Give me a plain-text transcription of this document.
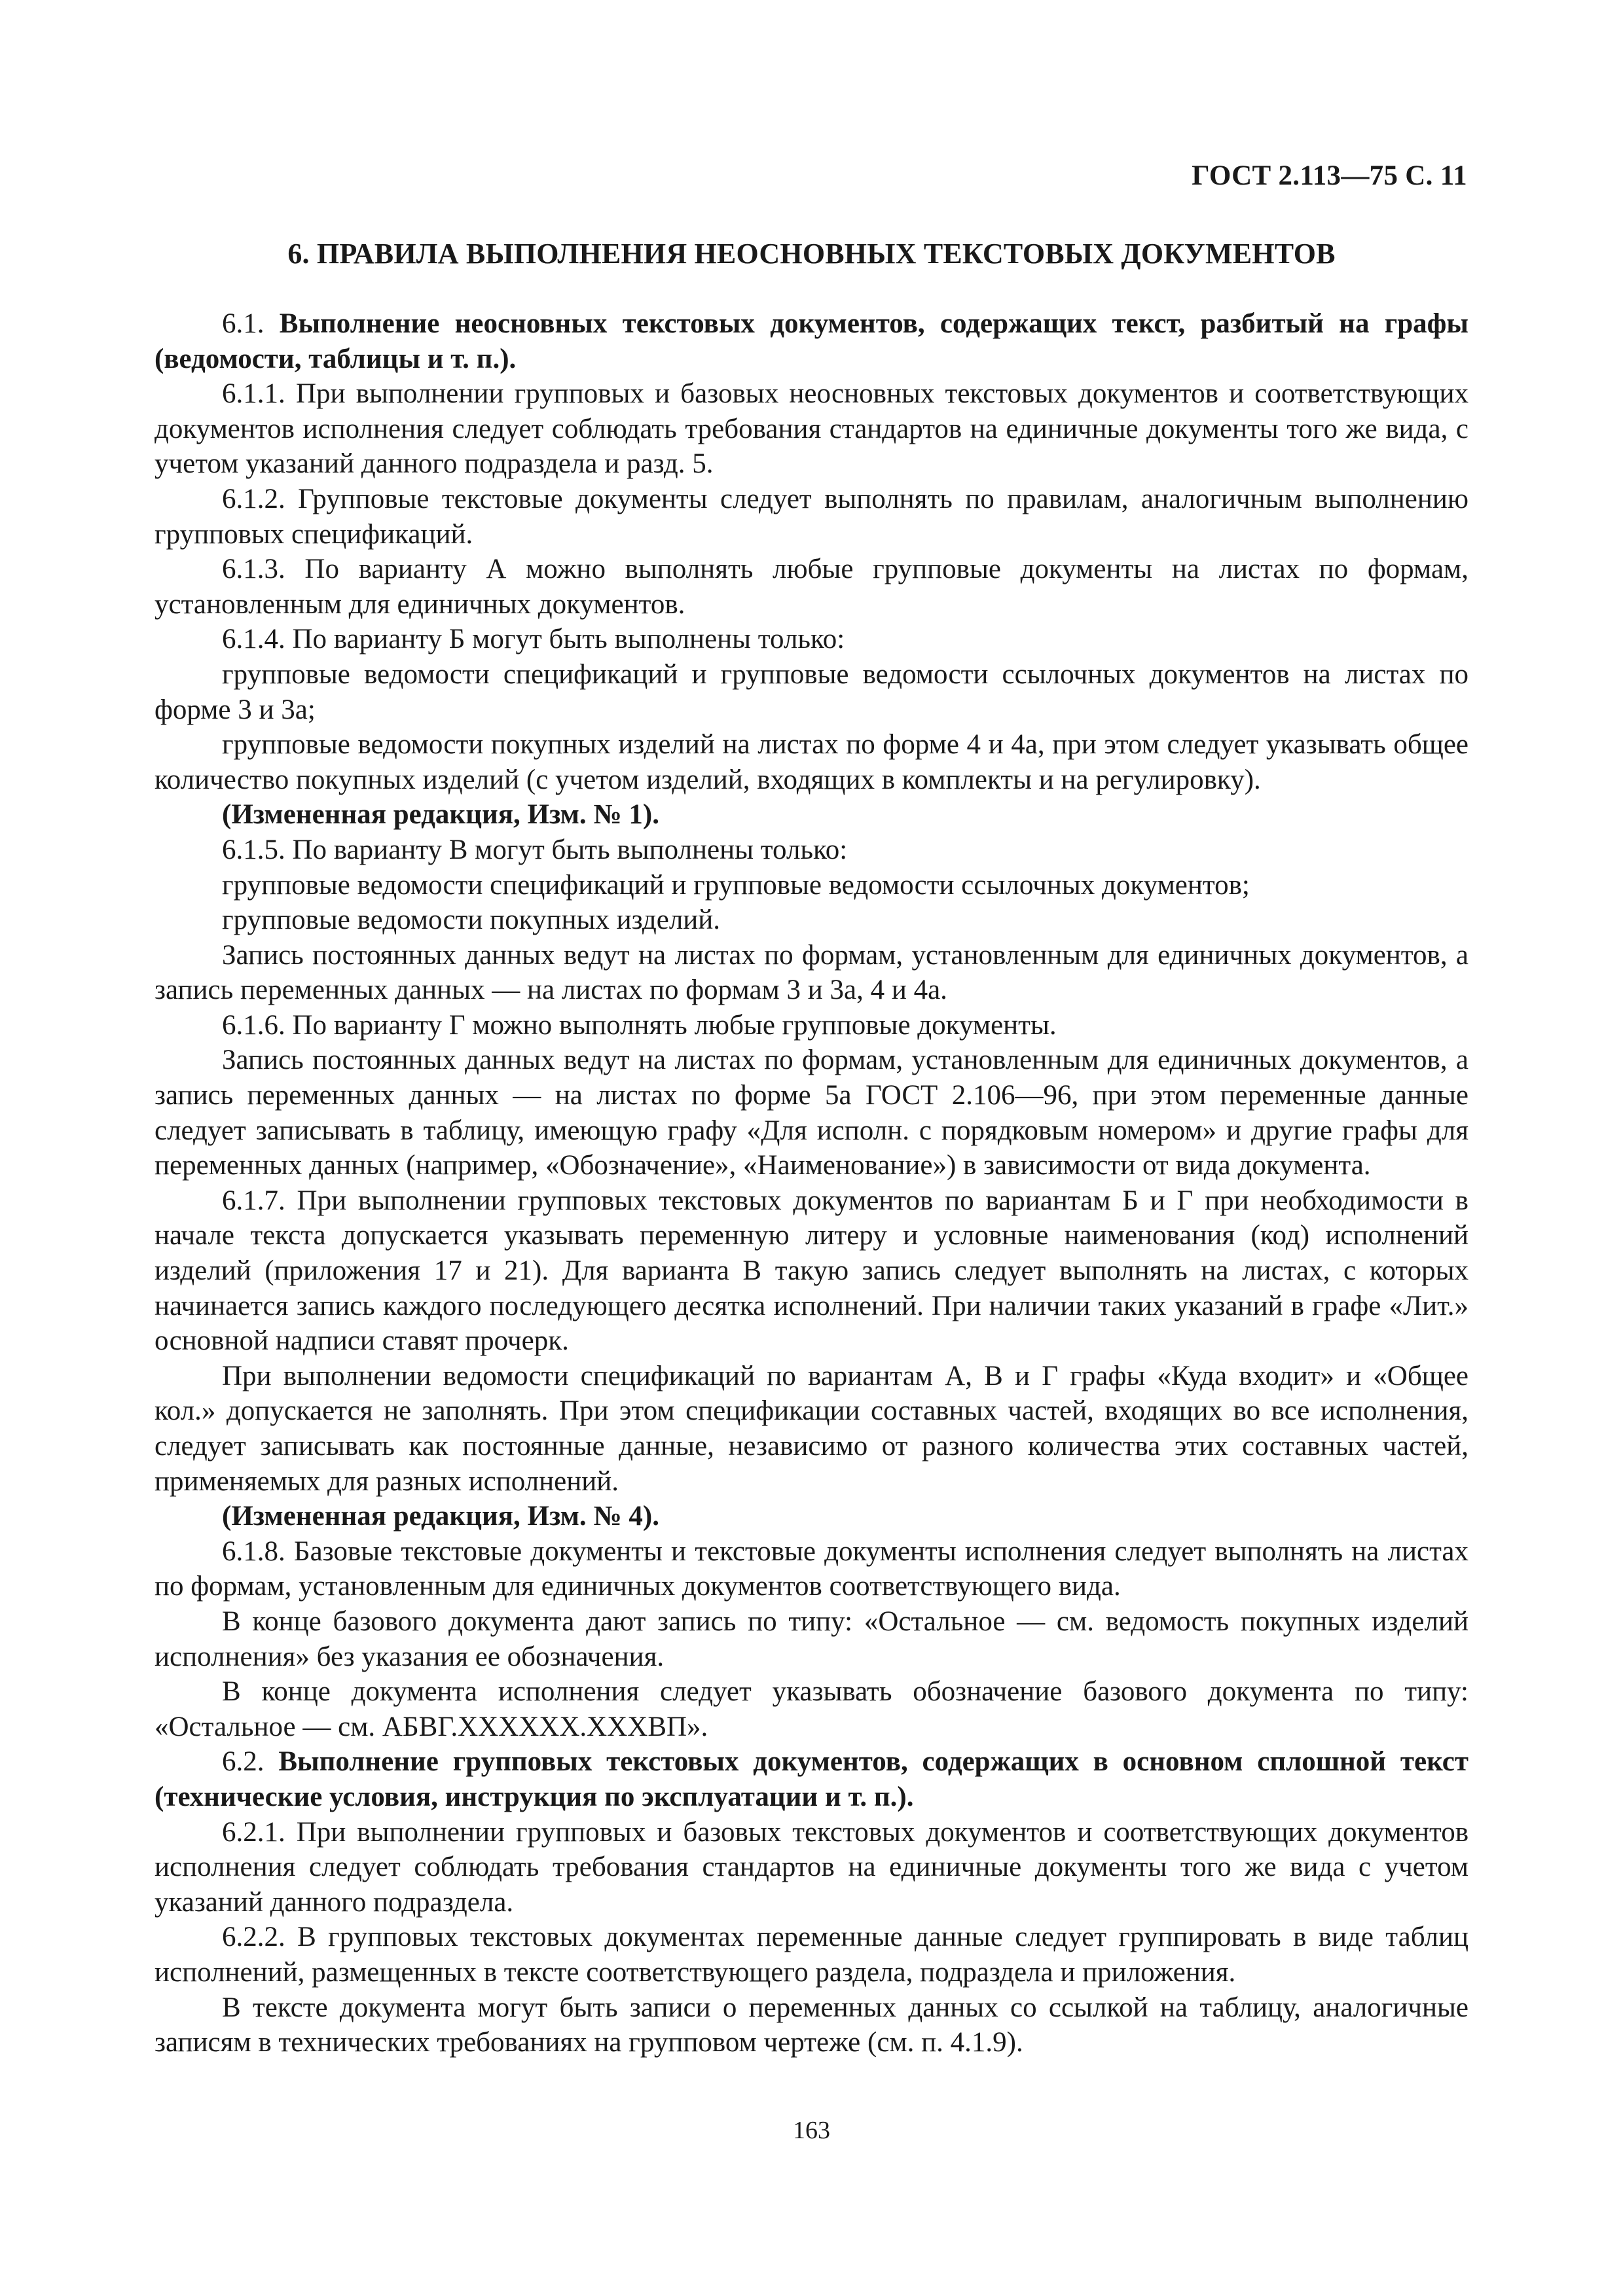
ГОСТ 2.113—75 С. 11
6. ПРАВИЛА ВЫПОЛНЕНИЯ НЕОСНОВНЫХ ТЕКСТОВЫХ ДОКУМЕНТОВ

6.1. Выполнение неосновных текстовых документов, содержащих текст, разбитый на графы (ведомости, таблицы и т. п.).

6.1.1. При выполнении групповых и базовых неосновных текстовых документов и соответствующих документов исполнения следует соблюдать требования стандартов на единичные документы того же вида, с учетом указаний данного подраздела и разд. 5.

6.1.2. Групповые текстовые документы следует выполнять по правилам, аналогичным выполнению групповых спецификаций.

6.1.3. По варианту А можно выполнять любые групповые документы на листах по формам, установленным для единичных документов.

6.1.4. По варианту Б могут быть выполнены только:

групповые ведомости спецификаций и групповые ведомости ссылочных документов на листах по форме 3 и 3а;

групповые ведомости покупных изделий на листах по форме 4 и 4а, при этом следует указывать общее количество покупных изделий (с учетом изделий, входящих в комплекты и на регулировку).

(Измененная редакция, Изм. № 1).

6.1.5. По варианту В могут быть выполнены только:

групповые ведомости спецификаций и групповые ведомости ссылочных документов;

групповые ведомости покупных изделий.

Запись постоянных данных ведут на листах по формам, установленным для единичных документов, а запись переменных данных — на листах по формам 3 и 3а, 4 и 4а.

6.1.6. По варианту Г можно выполнять любые групповые документы.

Запись постоянных данных ведут на листах по формам, установленным для единичных документов, а запись переменных данных — на листах по форме 5а ГОСТ 2.106—96, при этом переменные данные следует записывать в таблицу, имеющую графу «Для исполн. с порядковым номером» и другие графы для переменных данных (например, «Обозначение», «Наименование») в зависимости от вида документа.

6.1.7. При выполнении групповых текстовых документов по вариантам Б и Г при необходимости в начале текста допускается указывать переменную литеру и условные наименования (код) исполнений изделий (приложения 17 и 21). Для варианта В такую запись следует выполнять на листах, с которых начинается запись каждого последующего десятка исполнений. При наличии таких указаний в графе «Лит.» основной надписи ставят прочерк.

При выполнении ведомости спецификаций по вариантам А, В и Г графы «Куда входит» и «Общее кол.» допускается не заполнять. При этом спецификации составных частей, входящих во все исполнения, следует записывать как постоянные данные, независимо от разного количества этих составных частей, применяемых для разных исполнений.

(Измененная редакция, Изм. № 4).

6.1.8. Базовые текстовые документы и текстовые документы исполнения следует выполнять на листах по формам, установленным для единичных документов соответствующего вида.

В конце базового документа дают запись по типу: «Остальное — см. ведомость покупных изделий исполнения» без указания ее обозначения.

В конце документа исполнения следует указывать обозначение базового документа по типу: «Остальное — см. АБВГ.XXXXXX.XXXВП».

6.2. Выполнение групповых текстовых документов, содержащих в основном сплошной текст (технические условия, инструкция по эксплуатации и т. п.).

6.2.1. При выполнении групповых и базовых текстовых документов и соответствующих документов исполнения следует соблюдать требования стандартов на единичные документы того же вида с учетом указаний данного подраздела.

6.2.2. В групповых текстовых документах переменные данные следует группировать в виде таблиц исполнений, размещенных в тексте соответствующего раздела, подраздела и приложения.

В тексте документа могут быть записи о переменных данных со ссылкой на таблицу, аналогичные записям в технических требованиях на групповом чертеже (см. п. 4.1.9).

163
